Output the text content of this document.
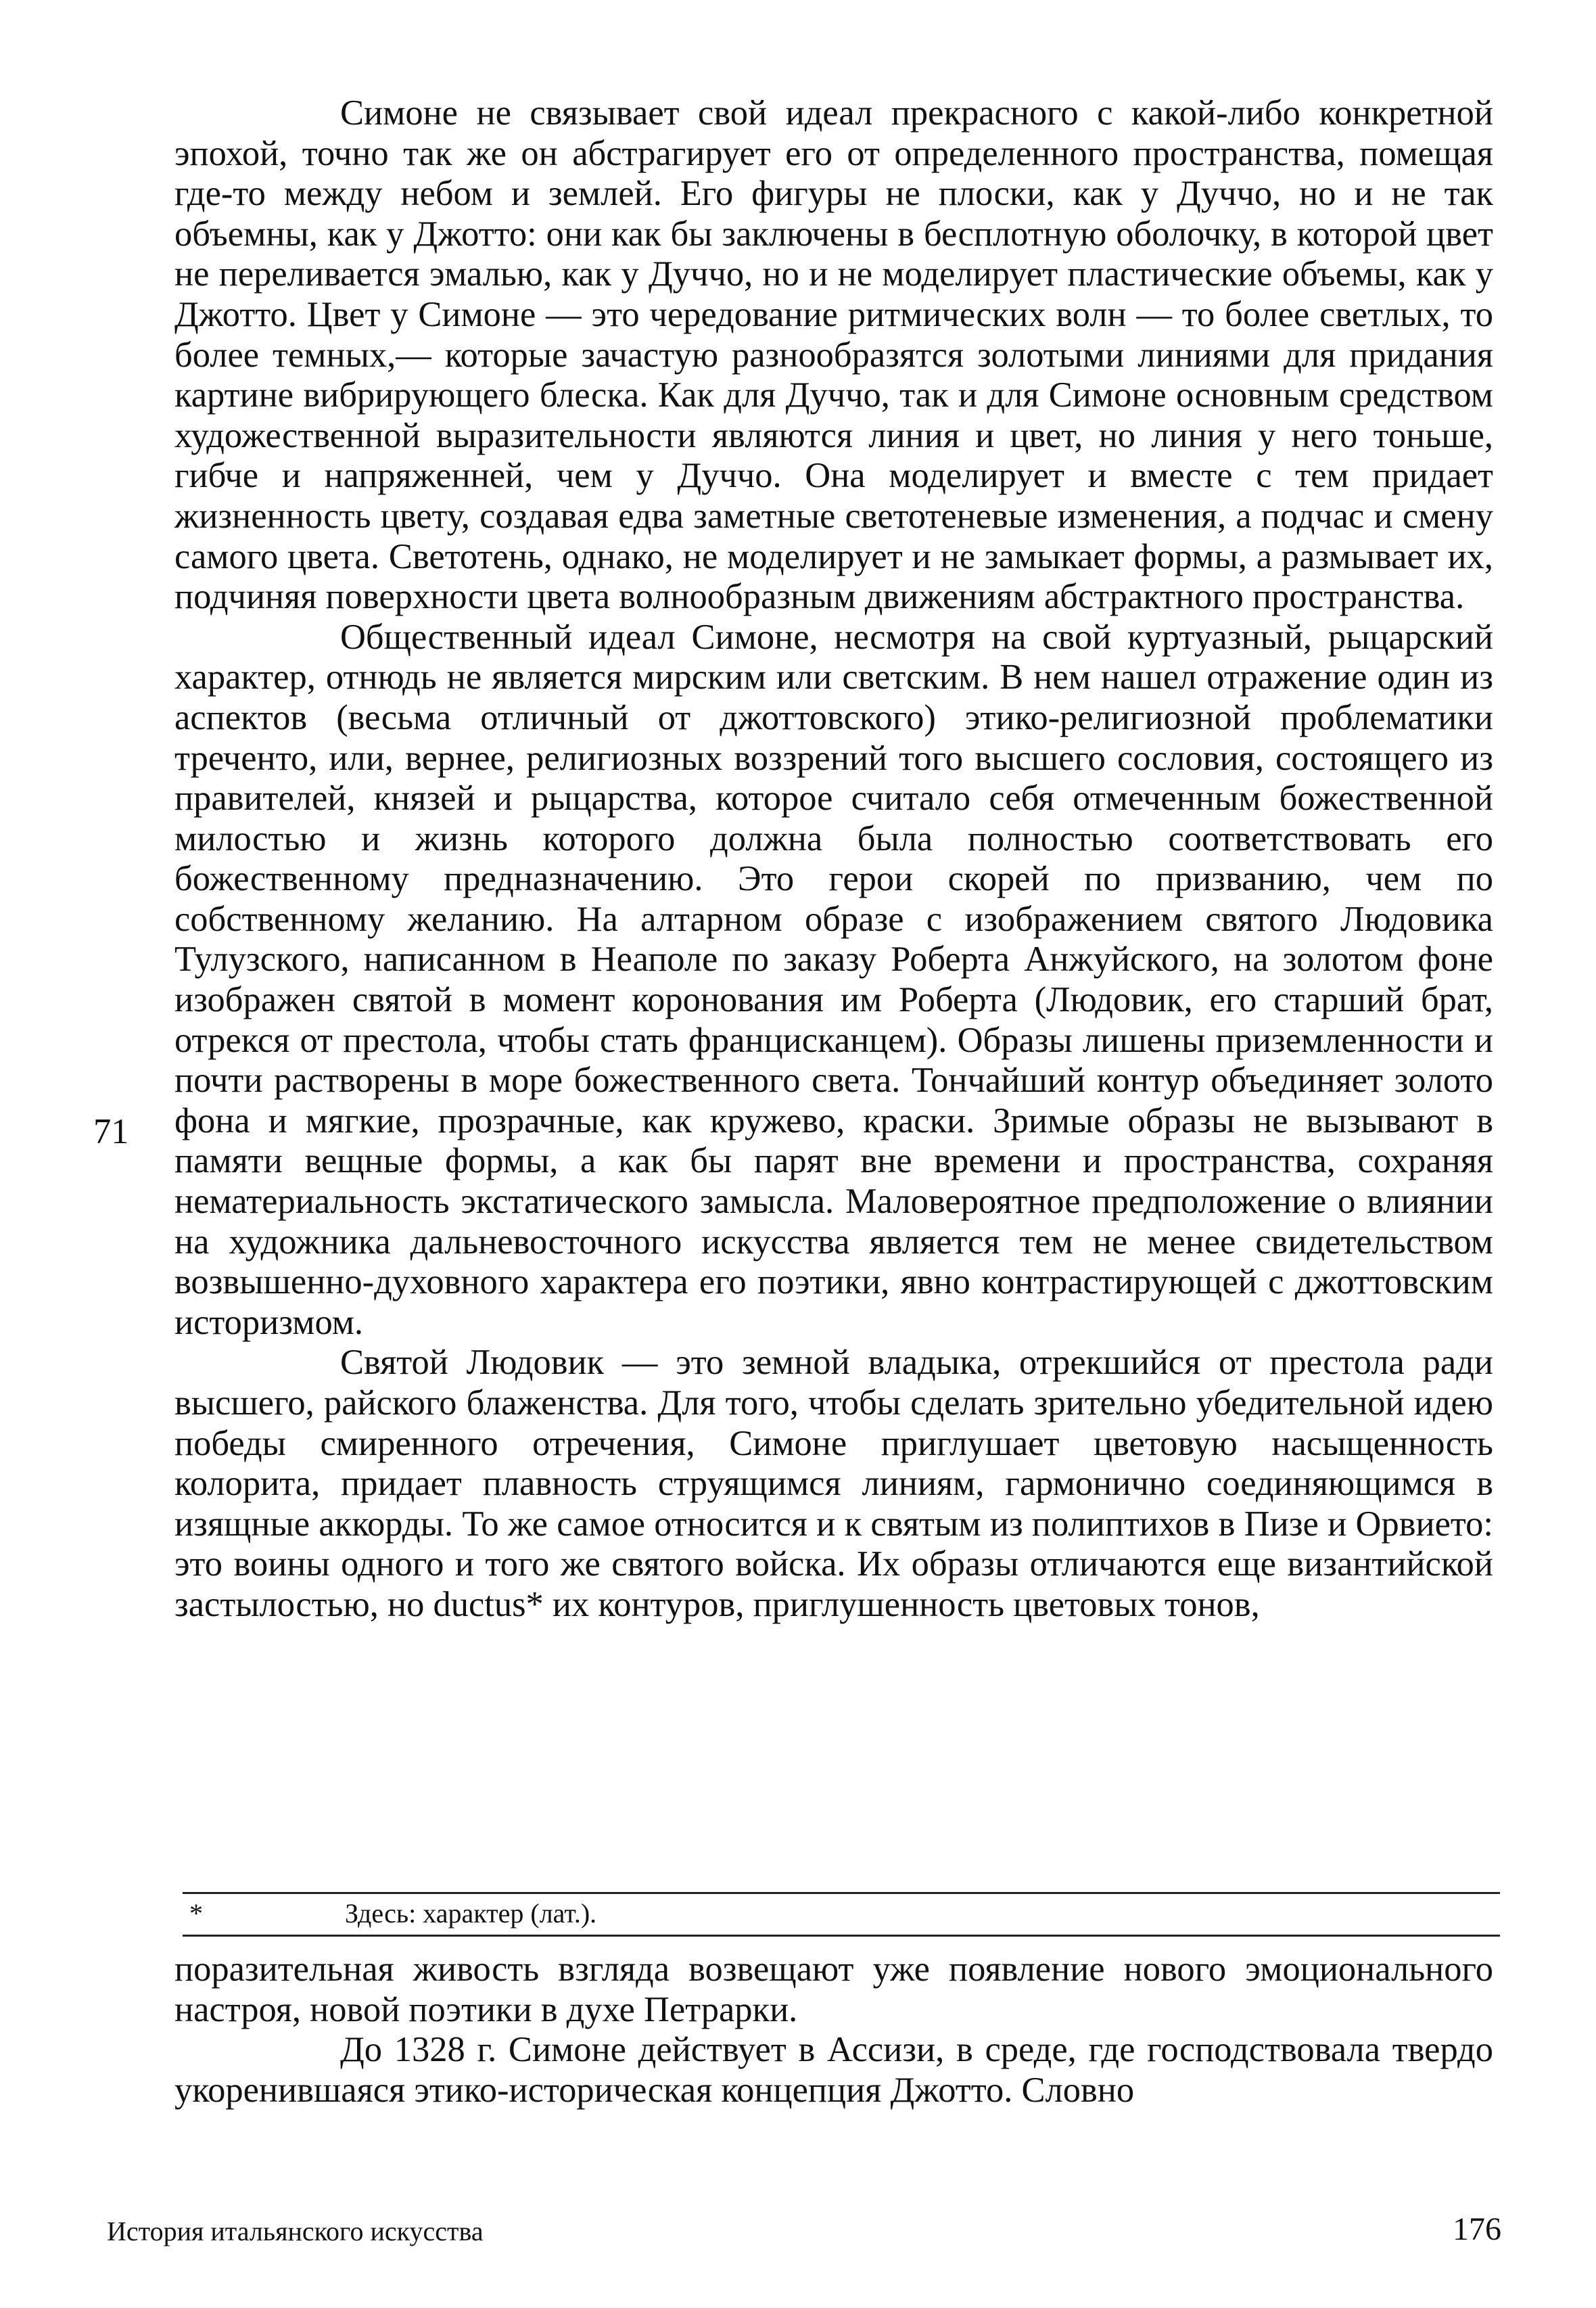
Симоне не связывает свой идеал прекрасного с какой-либо конкретной эпохой, точно так же он абстрагирует его от определенного пространства, помещая где-то между небом и землей. Его фигуры не плоски, как у Дуччо, но и не так объемны, как у Джотто: они как бы заключены в бесплотную оболочку, в которой цвет не переливается эмалью, как у Дуччо, но и не моделирует пластические объемы, как у Джотто. Цвет у Симоне — это чередование ритмических волн — то более светлых, то более темных,— которые зачастую разнообразятся золотыми линиями для придания картине вибрирующего блеска. Как для Дуччо, так и для Симоне основным средством художественной выразительности являются линия и цвет, но линия у него тоньше, гибче и напряженней, чем у Дуччо. Она моделирует и вместе с тем придает жизненность цвету, создавая едва заметные светотеневые изменения, а подчас и смену самого цвета. Светотень, однако, не моделирует и не замыкает формы, а размывает их, подчиняя поверхности цвета волнообразным движениям абстрактного пространства.

Общественный идеал Симоне, несмотря на свой куртуазный, рыцарский характер, отнюдь не является мирским или светским. В нем нашел отражение один из аспектов (весьма отличный от джоттовского) этико-религиозной проблематики треченто, или, вернее, религиозных воззрений того высшего сословия, состоящего из правителей, князей и рыцарства, которое считало себя отмеченным божественной милостью и жизнь которого должна была полностью соответствовать его божественному предназначению. Это герои скорей по призванию, чем по собственному желанию. На алтарном образе с изображением святого Людовика Тулузского, написанном в Неаполе по заказу Роберта Анжуйского, на золотом фоне изображен святой в момент коронования им Роберта (Людовик, его старший брат, отрекся от престола, чтобы стать францисканцем). Образы лишены приземленности и почти растворены в море божественного света. Тончайший контур объединяет золото фона и мягкие, прозрачные, как кружево, краски. Зримые образы не вызывают в памяти вещные формы, а как бы парят вне времени и пространства, сохраняя нематериальность экстатического замысла. Маловероятное предположение о влиянии на художника дальневосточного искусства является тем не менее свидетельством возвышенно-духовного характера его поэтики, явно контрастирующей с джоттовским историзмом.

Святой Людовик — это земной владыка, отрекшийся от престола ради высшего, райского блаженства. Для того, чтобы сделать зрительно убедительной идею победы смиренного отречения, Симоне приглушает цветовую насыщенность колорита, придает плавность струящимся линиям, гармонично соединяющимся в изящные аккорды. То же самое относится и к святым из полиптихов в Пизе и Орвието: это воины одного и того же святого войска. Их образы отличаются еще византийской застылостью, но ductus* их контуров, приглушенность цветовых тонов,

71
*	Здесь: характер (лат.).

поразительная живость взгляда возвещают уже появление нового эмоционального настроя, новой поэтики в духе Петрарки.

До 1328 г. Симоне действует в Ассизи, в среде, где господствовала твердо укоренившаяся этико-историческая концепция Джотто. Словно

История итальянского искусства	176
